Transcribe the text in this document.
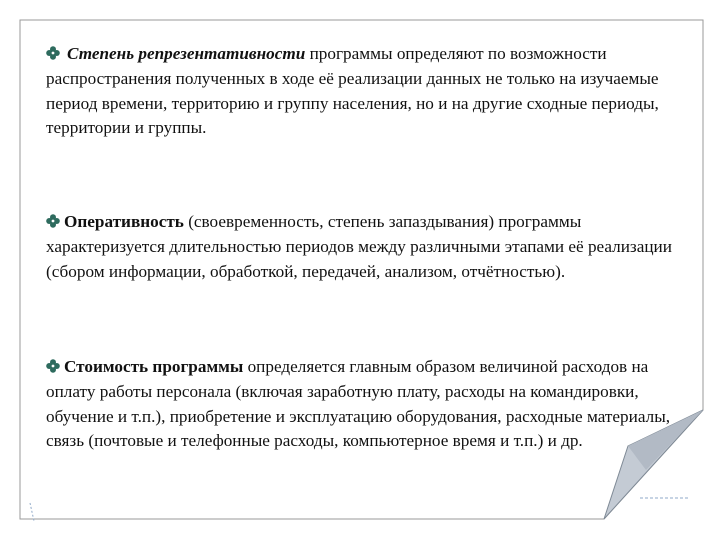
Степень репрезентативности программы определяют по возможности распространения полученных в ходе её реализации данных не только на изучаемые период времени, территорию и группу населения, но и на другие сходные периоды, территории и группы.
Оперативность (своевременность, степень запаздывания) программы характеризуется длительностью периодов между различными этапами её реализации (сбором информации, обработкой, передачей, анализом, отчётностью).
Стоимость программы определяется главным образом величиной расходов на оплату работы персонала (включая заработную плату, расходы на командировки, обучение и т.п.), приобретение и эксплуатацию оборудования, расходные материалы, связь (почтовые и телефонные расходы, компьютерное время и т.п.) и др.
